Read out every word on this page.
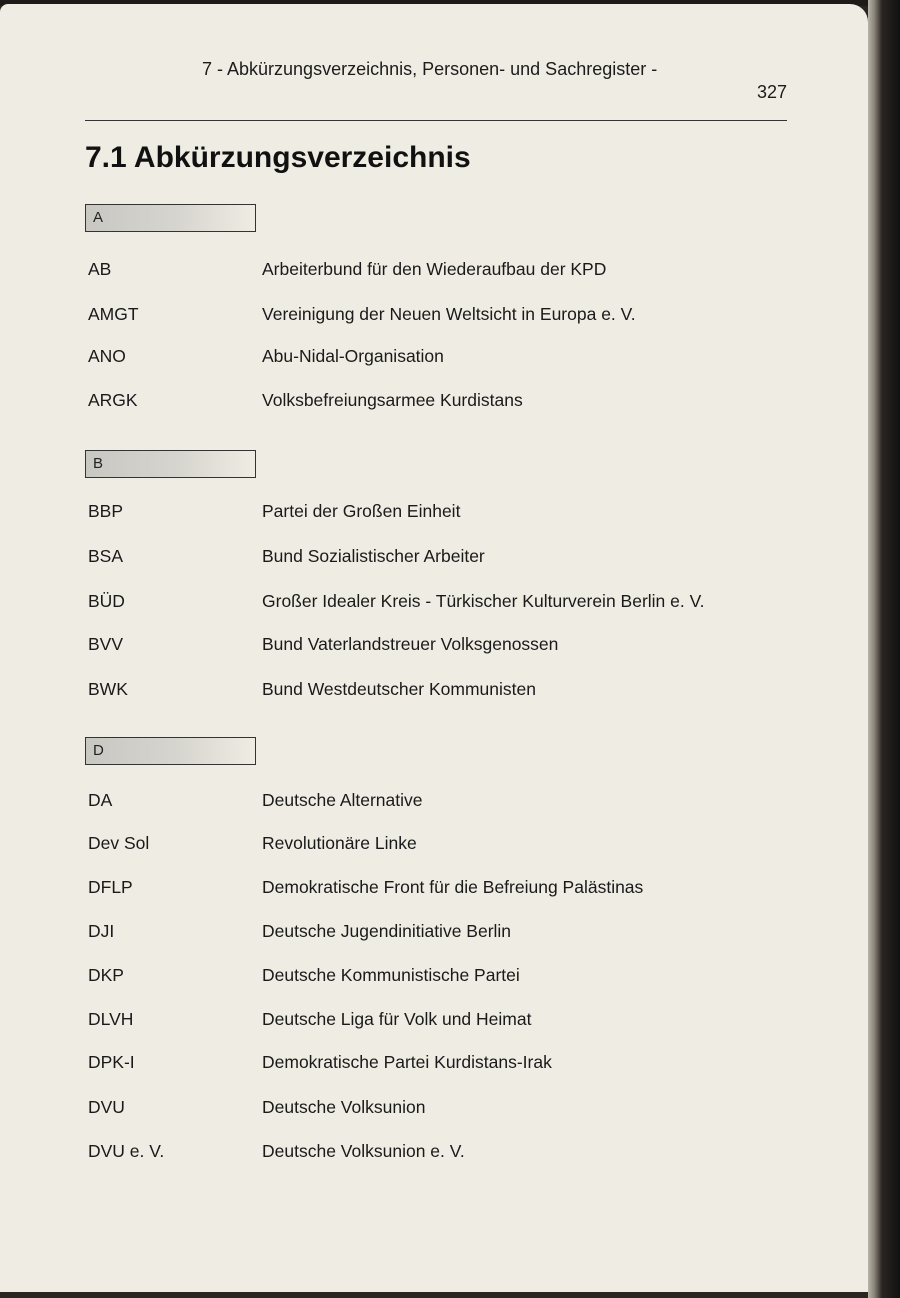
7 - Abkürzungsverzeichnis, Personen- und Sachregister -
327
7.1 Abkürzungsverzeichnis
A
AB	Arbeiterbund für den Wiederaufbau der KPD
AMGT	Vereinigung der Neuen Weltsicht in Europa e. V.
ANO	Abu-Nidal-Organisation
ARGK	Volksbefreiungsarmee Kurdistans
B
BBP	Partei der Großen Einheit
BSA	Bund Sozialistischer Arbeiter
BÜD	Großer Idealer Kreis - Türkischer Kulturverein Berlin e. V.
BVV	Bund Vaterlandstreuer Volksgenossen
BWK	Bund Westdeutscher Kommunisten
D
DA	Deutsche Alternative
Dev Sol	Revolutionäre Linke
DFLP	Demokratische Front für die Befreiung Palästinas
DJI	Deutsche Jugendinitiative Berlin
DKP	Deutsche Kommunistische Partei
DLVH	Deutsche Liga für Volk und Heimat
DPK-I	Demokratische Partei Kurdistans-Irak
DVU	Deutsche Volksunion
DVU e. V.	Deutsche Volksunion e. V.
